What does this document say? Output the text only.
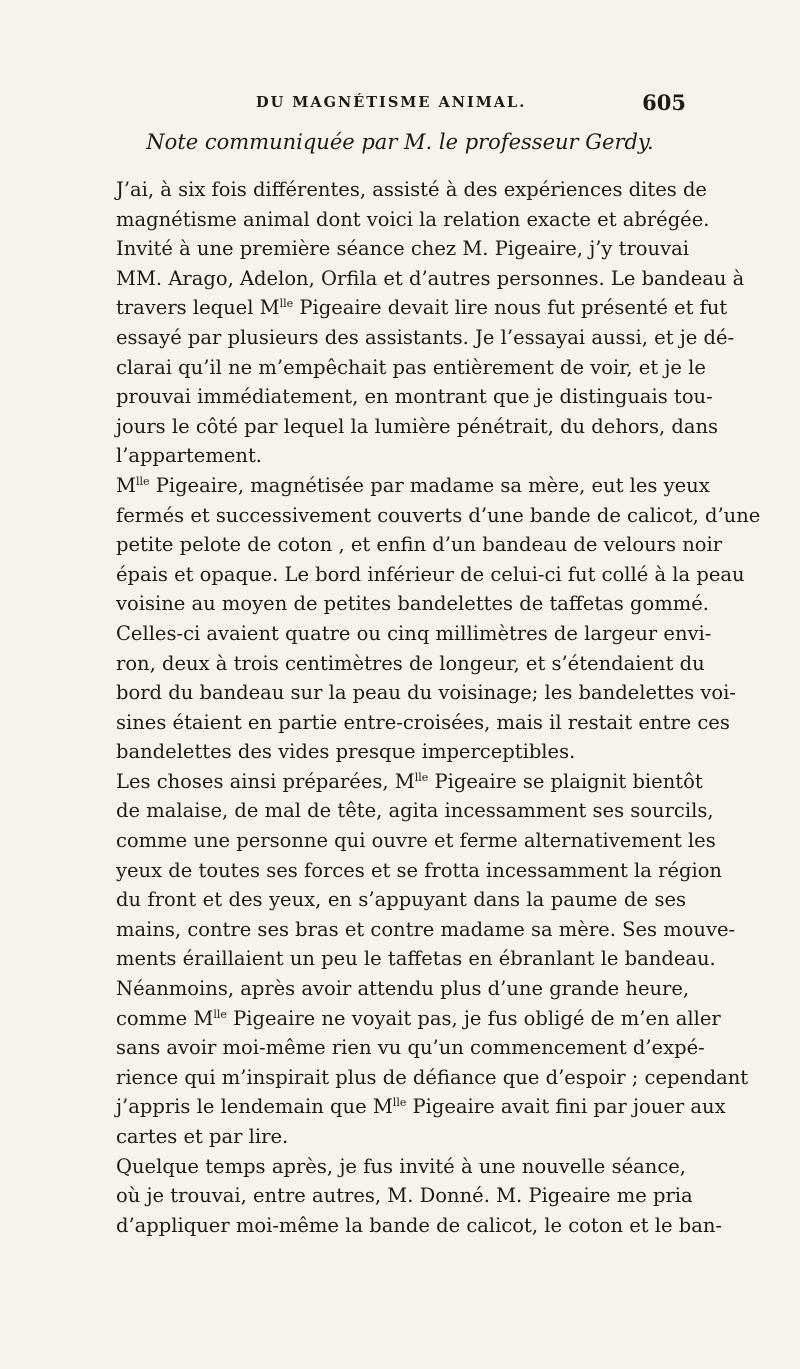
DU MAGNÉTISME ANIMAL.	605
Note communiquée par M. le professeur Gerdy.
J’ai, à six fois différentes, assisté à des expériences dites de
magnétisme animal dont voici la relation exacte et abrégée.
Invité à une première séance chez M. Pigeaire, j’y trouvai
MM. Arago, Adelon, Orfila et d’autres personnes. Le bandeau à
travers lequel $M^{lle}$ Pigeaire devait lire nous fut présenté et fut
essayé par plusieurs des assistants. Je l’essayai aussi, et je dé-
clarai qu’il ne m’empêchait pas entièrement de voir, et je le
prouvai immédiatement, en montrant que je distinguais tou-
jours le côté par lequel la lumière pénétrait, du dehors, dans
l’appartement.
$M^{lle}$ Pigeaire, magnétisée par madame sa mère, eut les yeux
fermés et successivement couverts d’une bande de calicot, d’une
petite pelote de coton , et enfin d’un bandeau de velours noir
épais et opaque. Le bord inférieur de celui-ci fut collé à la peau
voisine au moyen de petites bandelettes de taffetas gommé.
Celles-ci avaient quatre ou cinq millimètres de largeur envi-
ron, deux à trois centimètres de longeur, et s’étendaient du
bord du bandeau sur la peau du voisinage; les bandelettes voi-
sines étaient en partie entre-croisées, mais il restait entre ces
bandelettes des vides presque imperceptibles.
Les choses ainsi préparées, $M^{lle}$ Pigeaire se plaignit bientôt
de malaise, de mal de tête, agita incessamment ses sourcils,
comme une personne qui ouvre et ferme alternativement les
yeux de toutes ses forces et se frotta incessamment la région
du front et des yeux, en s’appuyant dans la paume de ses
mains, contre ses bras et contre madame sa mère. Ses mouve-
ments éraillaient un peu le taffetas en ébranlant le bandeau.
Néanmoins, après avoir attendu plus d’une grande heure,
comme $M^{lle}$ Pigeaire ne voyait pas, je fus obligé de m’en aller
sans avoir moi-même rien vu qu’un commencement d’expé-
rience qui m’inspirait plus de défiance que d’espoir ; cependant
j’appris le lendemain que $M^{lle}$ Pigeaire avait fini par jouer aux
cartes et par lire.
Quelque temps après, je fus invité à une nouvelle séance,
où je trouvai, entre autres, M. Donné. M. Pigeaire me pria
d’appliquer moi-même la bande de calicot, le coton et le ban-
